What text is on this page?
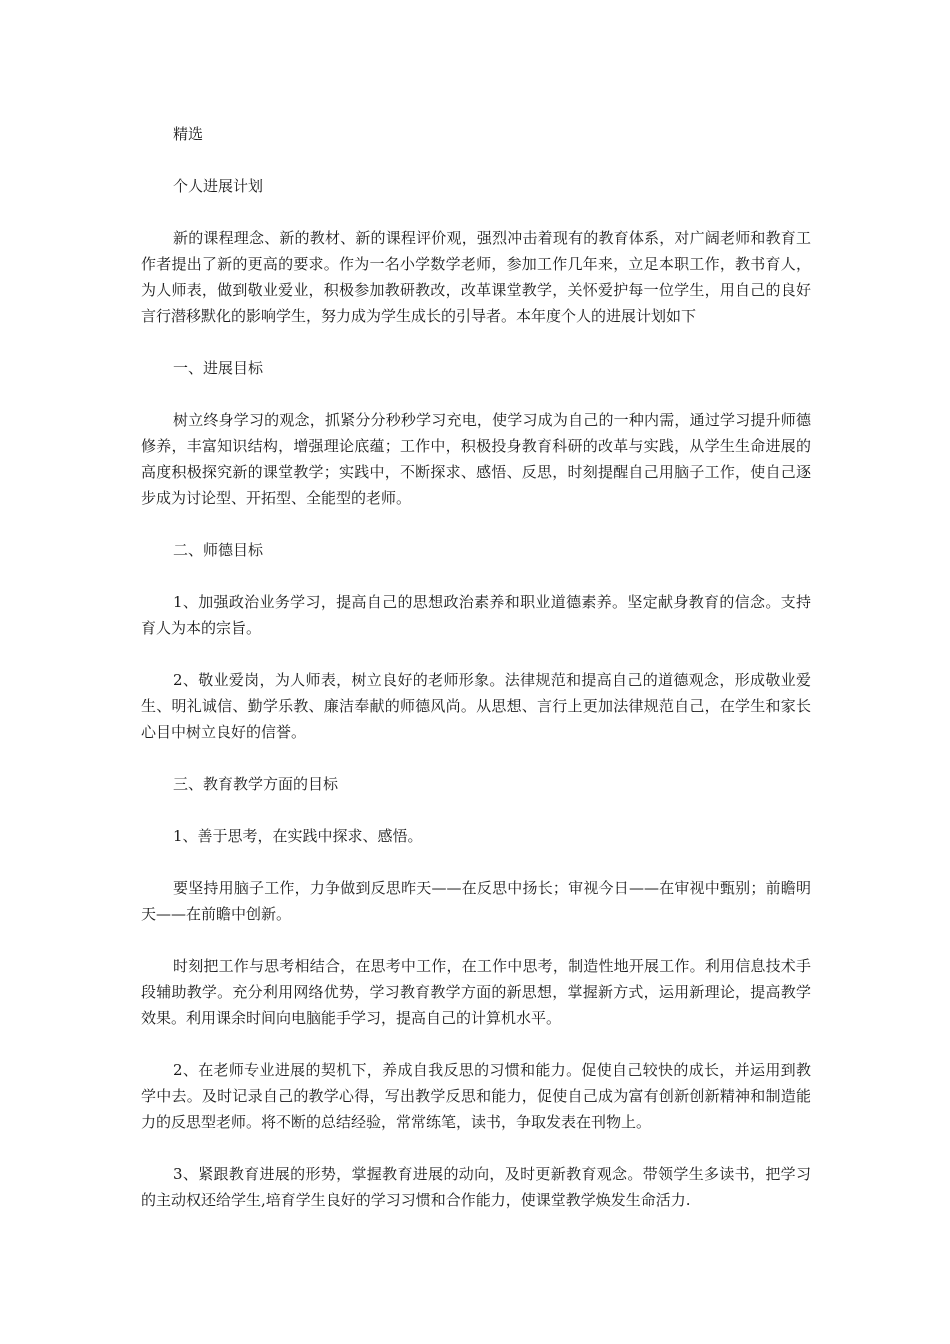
精选

个人进展计划

新的课程理念、新的教材、新的课程评价观，强烈冲击着现有的教育体系，对广阔老师和教育工作者提出了新的更高的要求。作为一名小学数学老师，参加工作几年来，立足本职工作，教书育人，为人师表，做到敬业爱业，积极参加教研教改，改革课堂教学，关怀爱护每一位学生，用自己的良好言行潜移默化的影响学生，努力成为学生成长的引导者。本年度个人的进展计划如下

一、进展目标

树立终身学习的观念，抓紧分分秒秒学习充电，使学习成为自己的一种内需，通过学习提升师德修养，丰富知识结构，增强理论底蕴；工作中，积极投身教育科研的改革与实践，从学生生命进展的高度积极探究新的课堂教学；实践中，不断探求、感悟、反思，时刻提醒自己用脑子工作，使自己逐步成为讨论型、开拓型、全能型的老师。

二、师德目标

1、加强政治业务学习，提高自己的思想政治素养和职业道德素养。坚定献身教育的信念。支持育人为本的宗旨。

2、敬业爱岗，为人师表，树立良好的老师形象。法律规范和提高自己的道德观念，形成敬业爱生、明礼诚信、勤学乐教、廉洁奉献的师德风尚。从思想、言行上更加法律规范自己，在学生和家长心目中树立良好的信誉。

三、教育教学方面的目标

1、善于思考，在实践中探求、感悟。

要坚持用脑子工作，力争做到反思昨天——在反思中扬长；审视今日——在审视中甄别；前瞻明天——在前瞻中创新。

时刻把工作与思考相结合，在思考中工作，在工作中思考，制造性地开展工作。利用信息技术手段辅助教学。充分利用网络优势，学习教育教学方面的新思想，掌握新方式，运用新理论，提高教学效果。利用课余时间向电脑能手学习，提高自己的计算机水平。

2、在老师专业进展的契机下，养成自我反思的习惯和能力。促使自己较快的成长，并运用到教学中去。及时记录自己的教学心得，写出教学反思和能力，促使自己成为富有创新创新精神和制造能力的反思型老师。将不断的总结经验，常常练笔，读书，争取发表在刊物上。

3、紧跟教育进展的形势，掌握教育进展的动向，及时更新教育观念。带领学生多读书，把学习的主动权还给学生,培育学生良好的学习习惯和合作能力，使课堂教学焕发生命活力.
